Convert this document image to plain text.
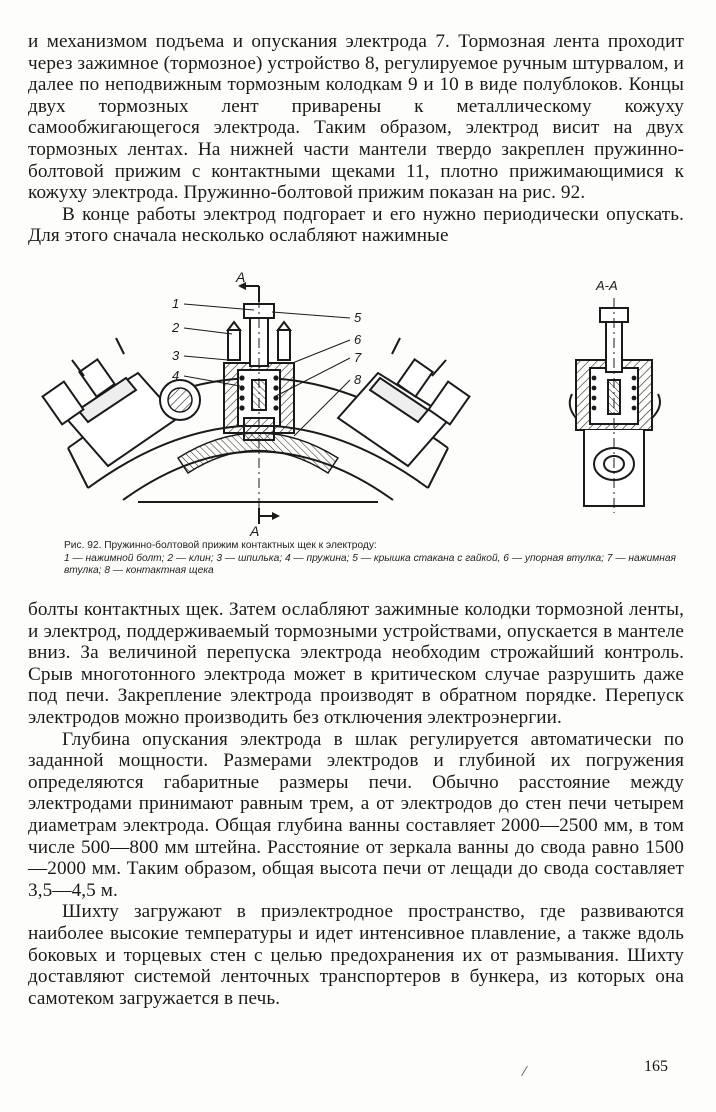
и механизмом подъема и опускания электрода 7. Тормозная лента проходит через зажимное (тормозное) устройство 8, регулируемое ручным штурвалом, и далее по неподвижным тормозным колодкам 9 и 10 в виде полублоков. Концы двух тормозных лент приварены к металлическому кожуху самообжигающегося электрода. Таким образом, электрод висит на двух тормозных лентах. На нижней части мантели твердо закреплен пружинно-болтовой прижим с контактными щеками 11, плотно прижимающимися к кожуху электрода. Пружинно-болтовой прижим показан на рис. 92.

В конце работы электрод подгорает и его нужно периодически опускать. Для этого сначала несколько ослабляют нажимные

A
A
A-A
1
2
3
4
5
6
7
8

Рис. 92. Пружинно-болтовой прижим контактных щек к электроду:
1 — нажимной болт; 2 — клин; 3 — шпилька; 4 — пружина; 5 — крышка стакана с гайкой, 6 — упорная втулка; 7 — нажимная втулка; 8 — контактная щека

болты контактных щек. Затем ослабляют зажимные колодки тормозной ленты, и электрод, поддерживаемый тормозными устройствами, опускается в мантеле вниз. За величиной перепуска электрода необходим строжайший контроль. Срыв многотонного электрода может в критическом случае разрушить даже под печи. Закрепление электрода производят в обратном порядке. Перепуск электродов можно производить без отключения электроэнергии.

Глубина опускания электрода в шлак регулируется автоматически по заданной мощности. Размерами электродов и глубиной их погружения определяются габаритные размеры печи. Обычно расстояние между электродами принимают равным трем, а от электродов до стен печи четырем диаметрам электрода. Общая глубина ванны составляет 2000—2500 мм, в том числе 500—800 мм штейна. Расстояние от зеркала ванны до свода равно 1500—2000 мм. Таким образом, общая высота печи от лещади до свода составляет 3,5—4,5 м.

Шихту загружают в приэлектродное пространство, где развиваются наиболее высокие температуры и идет интенсивное плавление, а также вдоль боковых и торцевых стен с целью предохранения их от размывания. Шихту доставляют системой ленточных транспортеров в бункера, из которых она самотеком загружается в печь.

/	165
